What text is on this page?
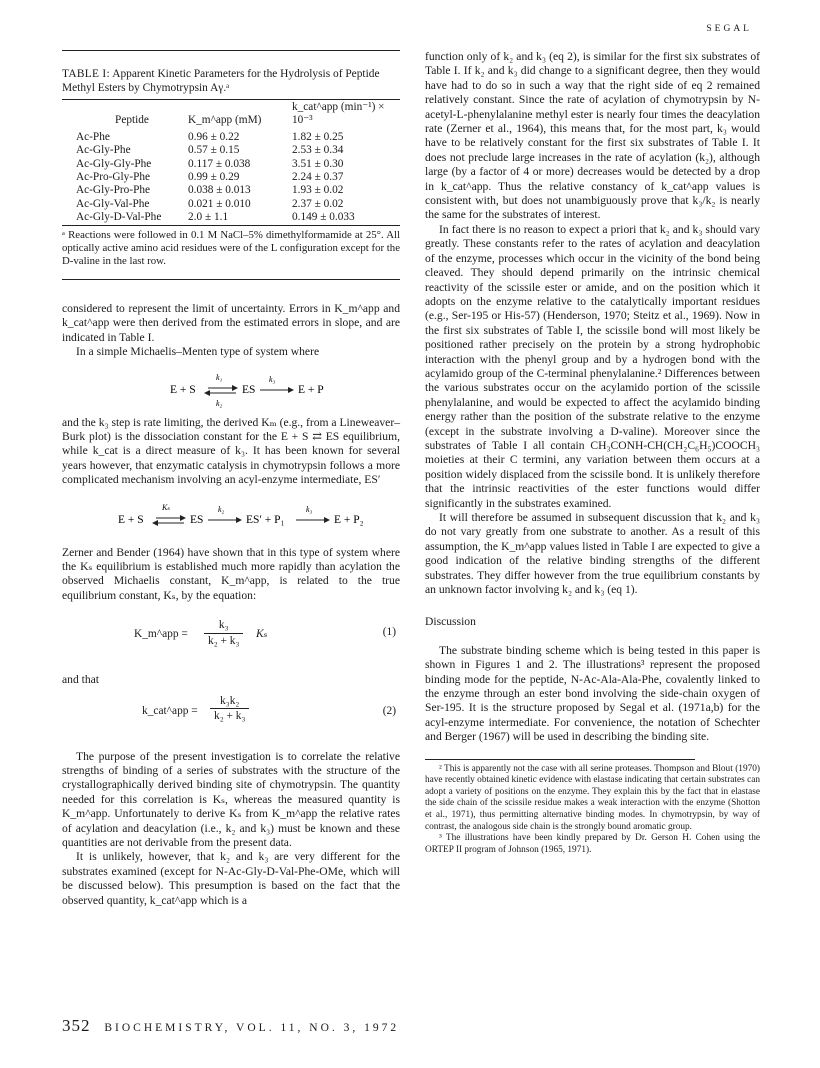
SEGAL
TABLE I: Apparent Kinetic Parameters for the Hydrolysis of Peptide Methyl Esters by Chymotrypsin Aγ.ᵃ
Peptide	K_m^app (mM)	k_cat^app (min⁻¹) × 10⁻³
Ac-Phe	0.96 ± 0.22	1.82 ± 0.25
Ac-Gly-Phe	0.57 ± 0.15	2.53 ± 0.34
Ac-Gly-Gly-Phe	0.117 ± 0.038	3.51 ± 0.30
Ac-Pro-Gly-Phe	0.99 ± 0.29	2.24 ± 0.37
Ac-Gly-Pro-Phe	0.038 ± 0.013	1.93 ± 0.02
Ac-Gly-Val-Phe	0.021 ± 0.010	2.37 ± 0.02
Ac-Gly-D-Val-Phe	2.0 ± 1.1	0.149 ± 0.033
ᵃ Reactions were followed in 0.1 M NaCl–5% dimethylformamide at 25°. All optically active amino acid residues were of the L configuration except for the D-valine in the last row.

considered to represent the limit of uncertainty. Errors in K_m^app and k_cat^app were then derived from the estimated errors in slope, and are indicated in Table I.

In a simple Michaelis–Menten type of system where

E + S
k₁
k₂
ES
k₃
E + P

and the k₃ step is rate limiting, the derived Kₘ (e.g., from a Lineweaver–Burk plot) is the dissociation constant for the E + S ⇄ ES equilibrium, while k_cat is a direct measure of k₃. It has been known for several years however, that enzymatic catalysis in chymotrypsin follows a more complicated mechanism involving an acyl-enzyme intermediate, ES′

E + S
Kₛ
ES
k₂
ES′ + P₁
k₃
E + P₂

Zerner and Bender (1964) have shown that in this type of system where the Kₛ equilibrium is established much more rapidly than acylation the observed Michaelis constant, K_m^app, is related to the true equilibrium constant, Kₛ, by the equation:

K_m^app = $\frac{\text{k₃}}{\text{k₂ + k₃}}$ Kₛ	(1)

and that

k_cat^app = $\frac{\text{k₃k₂}}{\text{k₂ + k₃}}$	(2)

The purpose of the present investigation is to correlate the relative strengths of binding of a series of substrates with the structure of the crystallographically derived binding site of chymotrypsin. The quantity needed for this correlation is Kₛ, whereas the measured quantity is K_m^app. Unfortunately to derive Kₛ from K_m^app the relative rates of acylation and deacylation (i.e., k₂ and k₃) must be known and these quantities are not derivable from the present data.

It is unlikely, however, that k₂ and k₃ are very different for the substrates examined (except for N-Ac-Gly-D-Val-Phe-OMe, which will be discussed below). This presumption is based on the fact that the observed quantity, k_cat^app which is a

function only of k₂ and k₃ (eq 2), is similar for the first six substrates of Table I. If k₂ and k₃ did change to a significant degree, then they would have had to do so in such a way that the right side of eq 2 remained relatively constant. Since the rate of acylation of chymotrypsin by N-acetyl-L-phenylalanine methyl ester is nearly four times the deacylation rate (Zerner et al., 1964), this means that, for the most part, k₃ would have to be relatively constant for the first six substrates of Table I. It does not preclude large increases in the rate of acylation (k₂), although large (by a factor of 4 or more) decreases would be detected by a drop in k_cat^app. Thus the relative constancy of k_cat^app values is consistent with, but does not unambiguously prove that k₃/k₂ is nearly the same for the substrates of interest.

In fact there is no reason to expect a priori that k₂ and k₃ should vary greatly. These constants refer to the rates of acylation and deacylation of the enzyme, processes which occur in the vicinity of the bond being cleaved. They should depend primarily on the intrinsic chemical reactivity of the scissile ester or amide, and on the position which it adopts on the enzyme relative to the catalytically important residues (e.g., Ser-195 or His-57) (Henderson, 1970; Steitz et al., 1969). Now in the first six substrates of Table I, the scissile bond will most likely be positioned rather precisely on the protein by a strong hydrophobic interaction with the phenyl group and by a hydrogen bond with the acylamido group of the C-terminal phenylalanine.² Differences between the various substrates occur on the acylamido portion of the scissile phenylalanine, and would be expected to affect the acylamido binding energy rather than the position of the substrate relative to the enzyme (except in the substrate involving a D-valine). Moreover since the substrates of Table I all contain CH₃CONH-CH(CH₂C₆H₅)COOCH₃ moieties at their C termini, any variation between them occurs at a position widely displaced from the scissile bond. It is unlikely therefore that the intrinsic reactivities of the ester functions would differ significantly in the substrates examined.

It will therefore be assumed in subsequent discussion that k₂ and k₃ do not vary greatly from one substrate to another. As a result of this assumption, the K_m^app values listed in Table I are expected to give a good indication of the relative binding strengths of the different substrates. They differ however from the true equilibrium constants by an unknown factor involving k₂ and k₃ (eq 1).

Discussion

The substrate binding scheme which is being tested in this paper is shown in Figures 1 and 2. The illustrations³ represent the proposed binding mode for the peptide, N-Ac-Ala-Ala-Phe, covalently linked to the enzyme through an ester bond involving the side-chain oxygen of Ser-195. It is the structure proposed by Segal et al. (1971a,b) for the acyl-enzyme intermediate. For convenience, the notation of Schechter and Berger (1967) will be used in describing the binding site.

² This is apparently not the case with all serine proteases. Thompson and Blout (1970) have recently obtained kinetic evidence with elastase indicating that certain substrates can adopt a variety of positions on the enzyme. They explain this by the fact that in elastase the side chain of the scissile residue makes a weak interaction with the enzyme (Shotton et al., 1971), thus permitting alternative binding modes. In chymotrypsin, by way of contrast, the analogous side chain is the strongly bound aromatic group.

³ The illustrations have been kindly prepared by Dr. Gerson H. Cohen using the ORTEP II program of Johnson (1965, 1971).

352 BIOCHEMISTRY, VOL. 11, NO. 3, 1972
